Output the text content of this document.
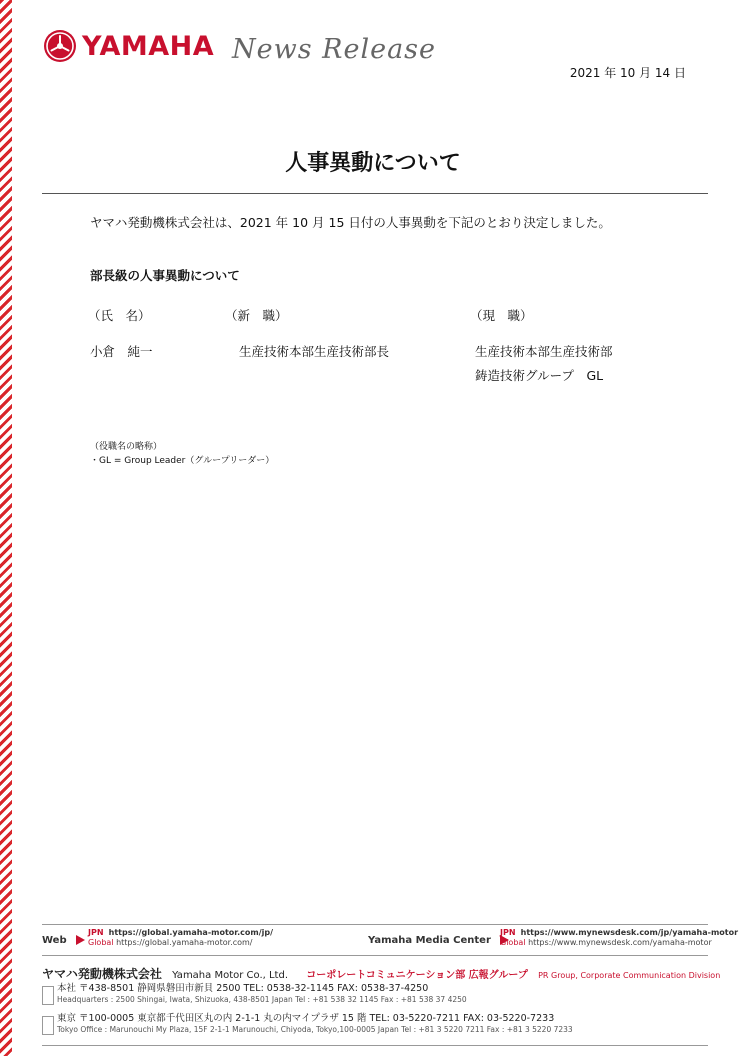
YAMAHA News Release
2021 年 10 月 14 日
人事異動について
ヤマハ発動機株式会社は、2021 年 10 月 15 日付の人事異動を下記のとおり決定しました。
部長級の人事異動について
（氏　名）	（新　職）	（現　職）
小倉　純一	生産技術本部生産技術部長	生産技術本部生産技術部
鋳造技術グループ　GL
（役職名の略称）
・GL = Group Leader（グループリーダー）
Web
JPN https://global.yamaha-motor.com/jp/
Global https://global.yamaha-motor.com/	Yamaha Media Center
JPN https://www.mynewsdesk.com/jp/yamaha-motor
Global https://www.mynewsdesk.com/yamaha-motor
ヤマハ発動機株式会社 Yamaha Motor Co., Ltd. コーポレートコミュニケーション部 広報グループ PR Group, Corporate Communication Division
本社 〒438-8501 静岡県磐田市新貝 2500 TEL: 0538-32-1145 FAX: 0538-37-4250
Headquarters : 2500 Shingai, Iwata, Shizuoka, 438-8501 Japan Tel : +81 538 32 1145 Fax : +81 538 37 4250
東京 〒100-0005 東京都千代田区丸の内 2-1-1 丸の内マイプラザ 15 階 TEL: 03-5220-7211 FAX: 03-5220-7233
Tokyo Office : Marunouchi My Plaza, 15F 2-1-1 Marunouchi, Chiyoda, Tokyo,100-0005 Japan Tel : +81 3 5220 7211 Fax : +81 3 5220 7233
